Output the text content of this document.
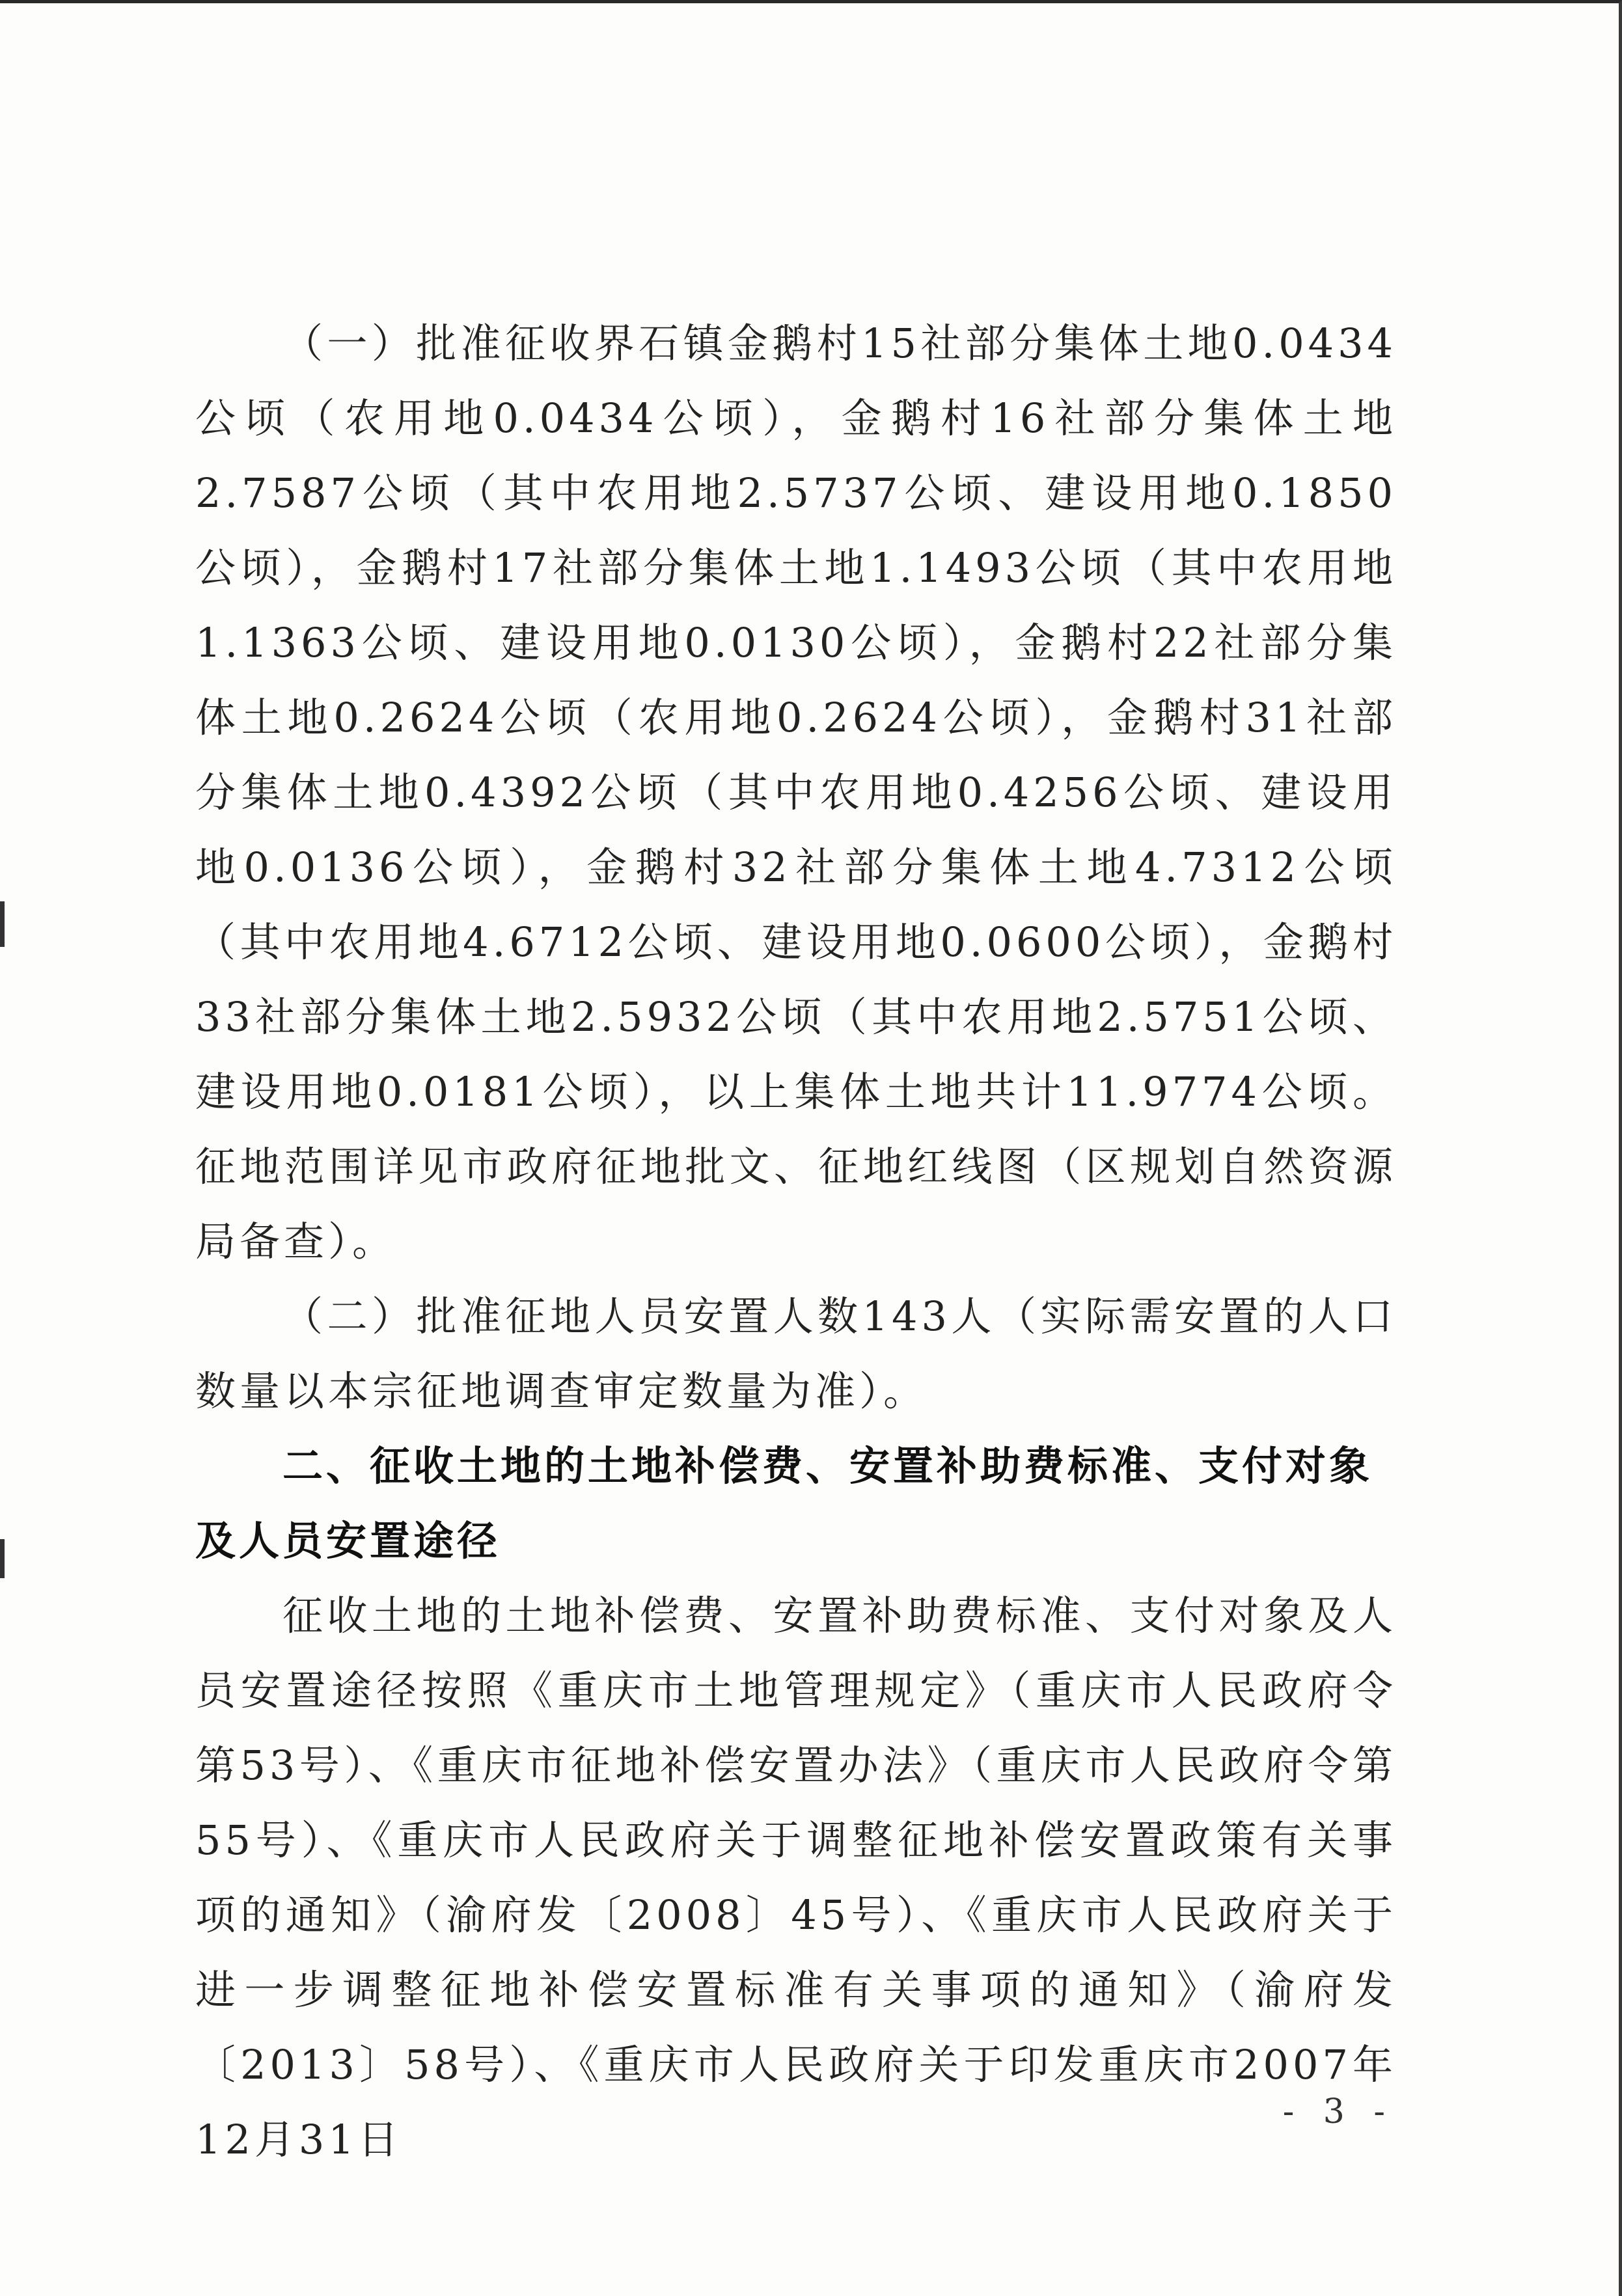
（一）批准征收界石镇金鹅村15社部分集体土地0.0434公顷（农用地0.0434公顷），金鹅村16社部分集体土地2.7587公顷（其中农用地2.5737公顷、建设用地0.1850公顷），金鹅村17社部分集体土地1.1493公顷（其中农用地1.1363公顷、建设用地0.0130公顷），金鹅村22社部分集体土地0.2624公顷（农用地0.2624公顷），金鹅村31社部分集体土地0.4392公顷（其中农用地0.4256公顷、建设用地0.0136公顷），金鹅村32社部分集体土地4.7312公顷（其中农用地4.6712公顷、建设用地0.0600公顷），金鹅村33社部分集体土地2.5932公顷（其中农用地2.5751公顷、建设用地0.0181公顷），以上集体土地共计11.9774公顷。征地范围详见市政府征地批文、征地红线图（区规划自然资源局备查）。

（二）批准征地人员安置人数143人（实际需安置的人口数量以本宗征地调查审定数量为准）。

二、征收土地的土地补偿费、安置补助费标准、支付对象及人员安置途径

征收土地的土地补偿费、安置补助费标准、支付对象及人员安置途径按照《重庆市土地管理规定》（重庆市人民政府令第53号）、《重庆市征地补偿安置办法》（重庆市人民政府令第55号）、《重庆市人民政府关于调整征地补偿安置政策有关事项的通知》（渝府发〔2008〕45号）、《重庆市人民政府关于进一步调整征地补偿安置标准有关事项的通知》（渝府发〔2013〕58号）、《重庆市人民政府关于印发重庆市2007年12月31日

- 3 -
